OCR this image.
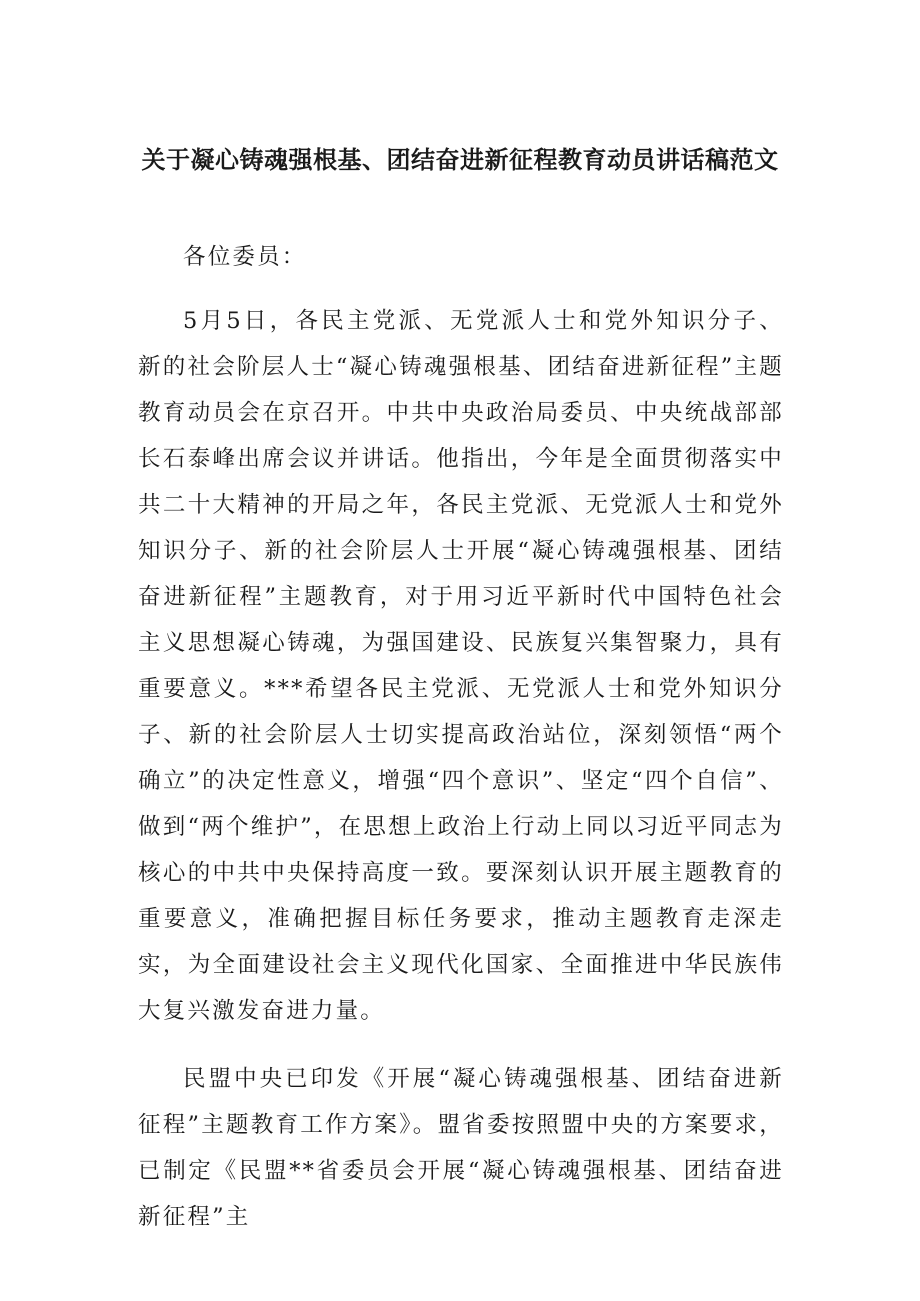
关于凝心铸魂强根基、团结奋进新征程教育动员讲话稿范文

各位委员：

5月5日，各民主党派、无党派人士和党外知识分子、新的社会阶层人士“凝心铸魂强根基、团结奋进新征程”主题教育动员会在京召开。中共中央政治局委员、中央统战部部长石泰峰出席会议并讲话。他指出，今年是全面贯彻落实中共二十大精神的开局之年，各民主党派、无党派人士和党外知识分子、新的社会阶层人士开展“凝心铸魂强根基、团结奋进新征程”主题教育，对于用习近平新时代中国特色社会主义思想凝心铸魂，为强国建设、民族复兴集智聚力，具有重要意义。***希望各民主党派、无党派人士和党外知识分子、新的社会阶层人士切实提高政治站位，深刻领悟“两个确立”的决定性意义，增强“四个意识”、坚定“四个自信”、做到“两个维护”，在思想上政治上行动上同以习近平同志为核心的中共中央保持高度一致。要深刻认识开展主题教育的重要意义，准确把握目标任务要求，推动主题教育走深走实，为全面建设社会主义现代化国家、全面推进中华民族伟大复兴激发奋进力量。

民盟中央已印发《开展“凝心铸魂强根基、团结奋进新征程”主题教育工作方案》。盟省委按照盟中央的方案要求，已制定《民盟**省委员会开展“凝心铸魂强根基、团结奋进新征程”主
